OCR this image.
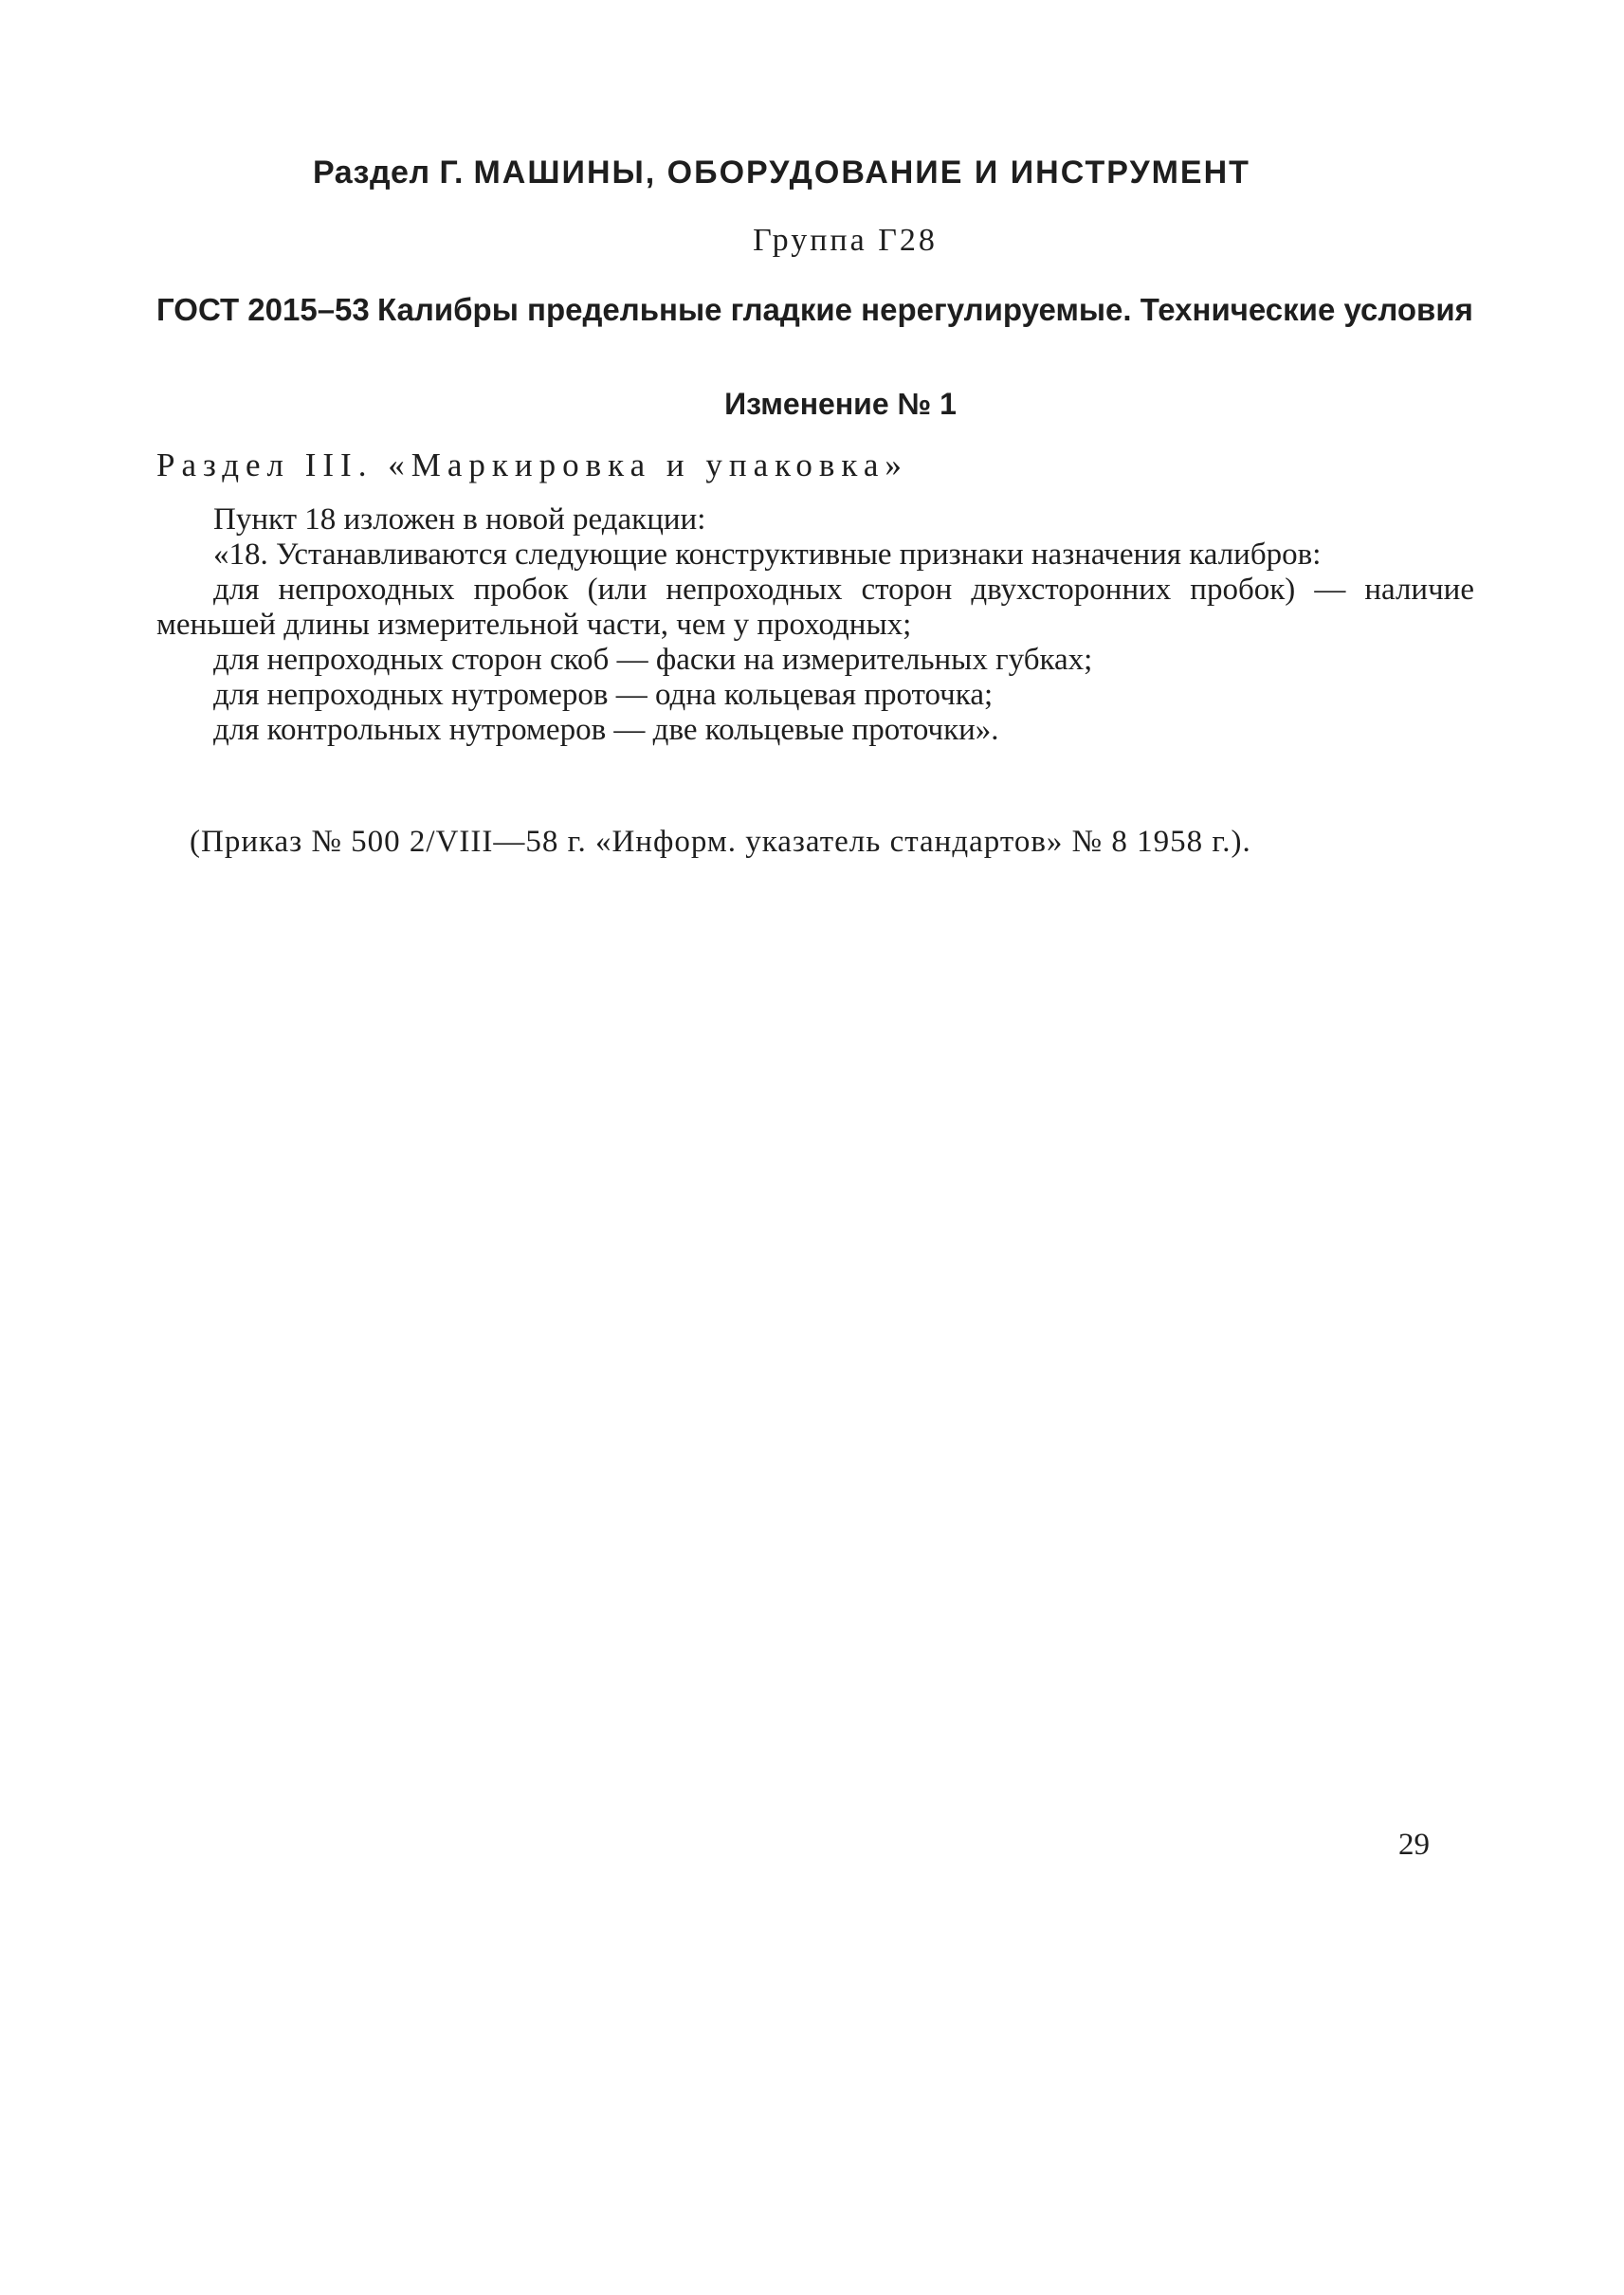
Раздел Г. МАШИНЫ, ОБОРУДОВАНИЕ И ИНСТРУМЕНТ
Группа Г28
ГОСТ 2015–53 Калибры предельные гладкие нерегулируемые. Технические условия
Изменение № 1
Раздел III. «Маркировка и упаковка»

Пункт 18 изложен в новой редакции:

«18. Устанавливаются следующие конструктивные признаки назначения калибров:

для непроходных пробок (или непроходных сторон двухсторонних пробок) — наличие меньшей длины измерительной части, чем у проходных;

для непроходных сторон скоб — фаски на измерительных губках;

для непроходных нутромеров — одна кольцевая проточка;

для контрольных нутромеров — две кольцевые проточки».

(Приказ № 500 2/VIII—58 г. «Информ. указатель стандартов» № 8 1958 г.).
29
